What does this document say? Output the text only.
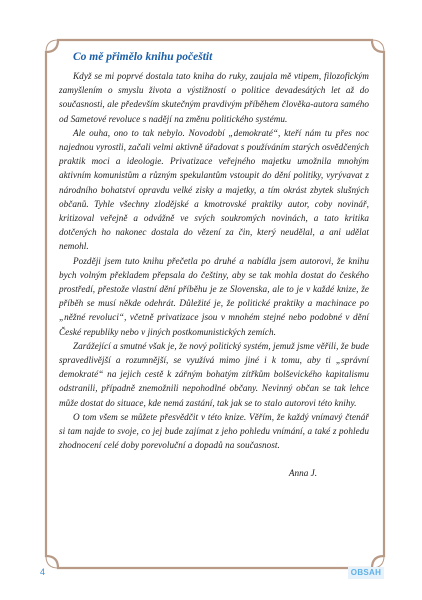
Co mě přimělo knihu počeštit

Když se mi poprvé dostala tato kniha do ruky, zaujala mě vtipem, filozofickým zamyšlením o smyslu života a výstižností o politice devadesátých let až do současnosti, ale především skutečným pravdivým příběhem člověka-autora samého od Sametové revoluce s nadějí na změnu politického systému.

Ale ouha, ono to tak nebylo. Novodobí „demokraté“, kteří nám tu přes noc najednou vyrostli, začali velmi aktivně úřadovat s používáním starých osvědčených praktik moci a ideologie. Privatizace veřejného majetku umožnila mnohým aktivním komunistům a různým spekulantům vstoupit do dění politiky, vyrývavat z národního bohatství opravdu velké zisky a majetky, a tím okrást zbytek slušných občanů. Tyhle všechny zlodějské a kmotrovské praktiky autor, coby novinář, kritizoval veřejně a odvážně ve svých soukromých novinách, a tato kritika dotčených ho nakonec dostala do vězení za čin, který neudělal, a ani udělat nemohl.

Později jsem tuto knihu přečetla po druhé a nabídla jsem autorovi, že knihu bych volným překladem přepsala do češtiny, aby se tak mohla dostat do českého prostředí, přestože vlastní dění příběhu je ze Slovenska, ale to je v každé knize, že příběh se musí někde odehrát. Důležité je, že politické praktiky a machinace po „něžné revoluci“, včetně privatizace jsou v mnohém stejné nebo podobné v dění České republiky nebo v jiných postkomunistických zemích.

Zarážející a smutné však je, že nový politický systém, jemuž jsme věřili, že bude spravedlivější a rozumnější, se využívá mimo jiné i k tomu, aby ti „správní demokraté“ na jejich cestě k zářným bohatým zítřkům bolševického kapitalismu odstranili, případně znemožnili nepohodlné občany. Nevinný občan se tak lehce může dostat do situace, kde nemá zastání, tak jak se to stalo autorovi této knihy.

O tom všem se můžete přesvědčit v této knize. Věřím, že každý vnímavý čtenář si tam najde to svoje, co jej bude zajímat z jeho pohledu vnímání, a také z pohledu zhodnocení celé doby porevoluční a dopadů na současnost.

Anna J.

4	OBSAH
